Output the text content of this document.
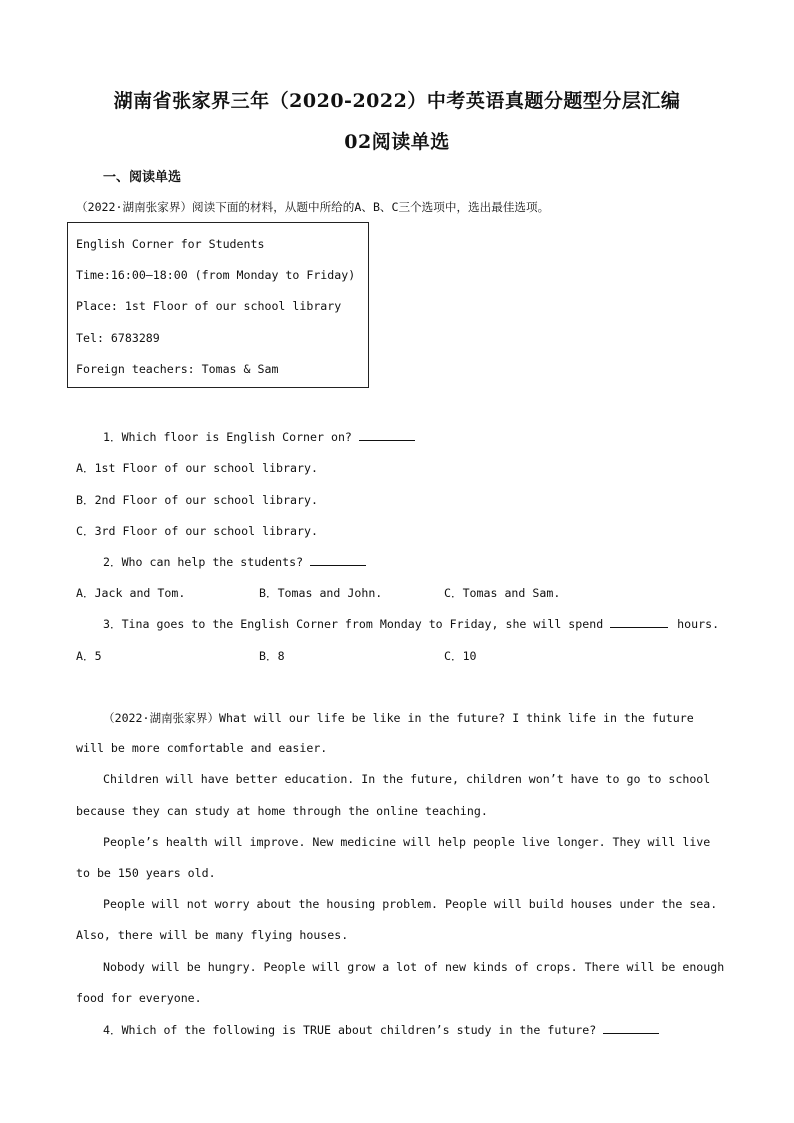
湖南省张家界三年（2020-2022）中考英语真题分题型分层汇编
02阅读单选
一、阅读单选
（2022·湖南张家界）阅读下面的材料，从题中所给的A、B、C三个选项中，选出最佳选项。
English Corner for Students
Time:16:00—18:00 (from Monday to Friday)
Place: 1st Floor of our school library
Tel: 6783289
Foreign teachers: Tomas & Sam
1．Which floor is English Corner on?
A．1st Floor of our school library.
B．2nd Floor of our school library.
C．3rd Floor of our school library.
2．Who can help the students?
A．Jack and Tom.	B．Tomas and John.	C．Tomas and Sam.
3．Tina goes to the English Corner from Monday to Friday, she will spend	hours.
A．5	B．8	C．10
（2022·湖南张家界）What will our life be like in the future? I think life in the future
will be more comfortable and easier.
Children will have better education. In the future, children won’t have to go to school
because they can study at home through the online teaching.
People’s health will improve. New medicine will help people live longer. They will live
to be 150 years old.
People will not worry about the housing problem. People will build houses under the sea.
Also, there will be many flying houses.
Nobody will be hungry. People will grow a lot of new kinds of crops. There will be enough
food for everyone.
4．Which of the following is TRUE about children’s study in the future?
